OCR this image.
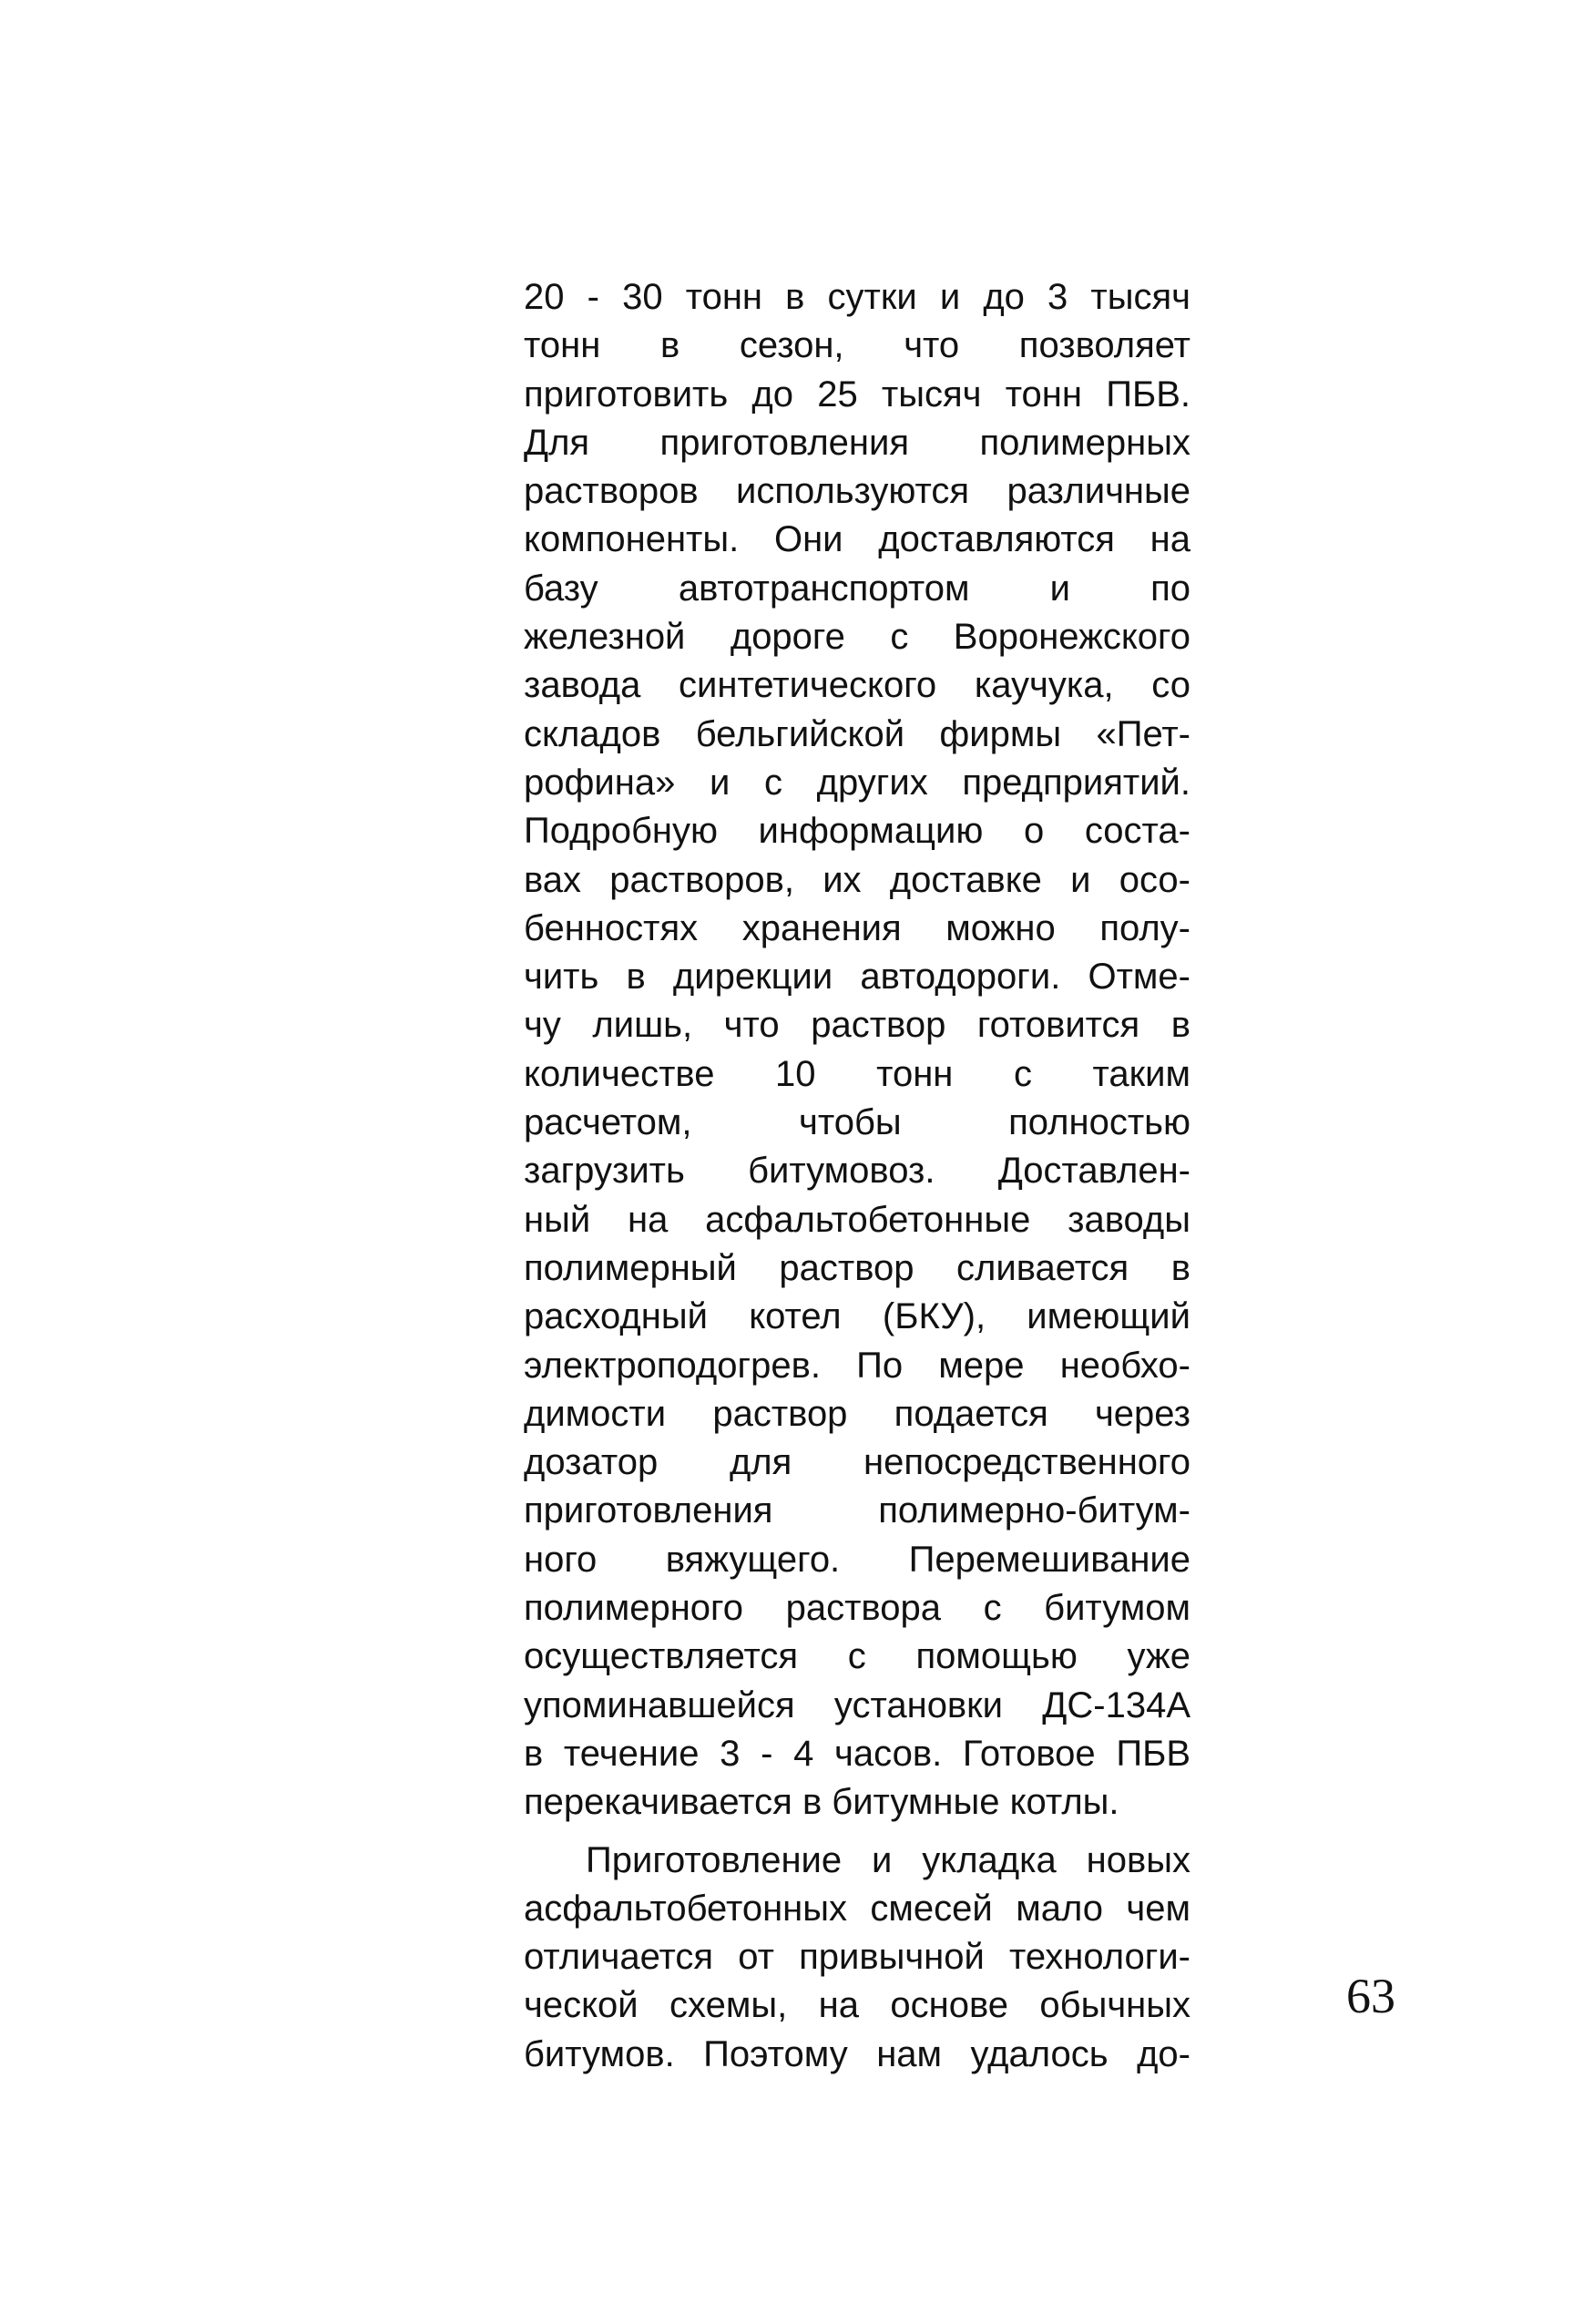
20 - 30 тонн в сутки и до 3 тысяч
тонн в сезон, что позволяет
приготовить до 25 тысяч тонн ПБВ.
Для приготовления полимерных
растворов используются различные
компоненты. Они доставляются на
базу автотранспортом и по
железной дороге с Воронежского
завода синтетического каучука, со
складов бельгийской фирмы «Пет-
рофина» и с других предприятий.
Подробную информацию о соста-
вах растворов, их доставке и осо-
бенностях хранения можно полу-
чить в дирекции автодороги. Отме-
чу лишь, что раствор готовится в
количестве 10 тонн с таким
расчетом, чтобы полностью
загрузить битумовоз. Доставлен-
ный на асфальтобетонные заводы
полимерный раствор сливается в
расходный котел (БКУ), имеющий
электроподогрев. По мере необхо-
димости раствор подается через
дозатор для непосредственного
приготовления полимерно-битум-
ного вяжущего. Перемешивание
полимерного раствора с битумом
осуществляется с помощью уже
упоминавшейся установки ДС-134А
в течение 3 - 4 часов. Готовое ПБВ
перекачивается в битумные котлы.
Приготовление и укладка новых
асфальтобетонных смесей мало чем
отличается от привычной технологи-
ческой схемы, на основе обычных
битумов. Поэтому нам удалось до-
63
